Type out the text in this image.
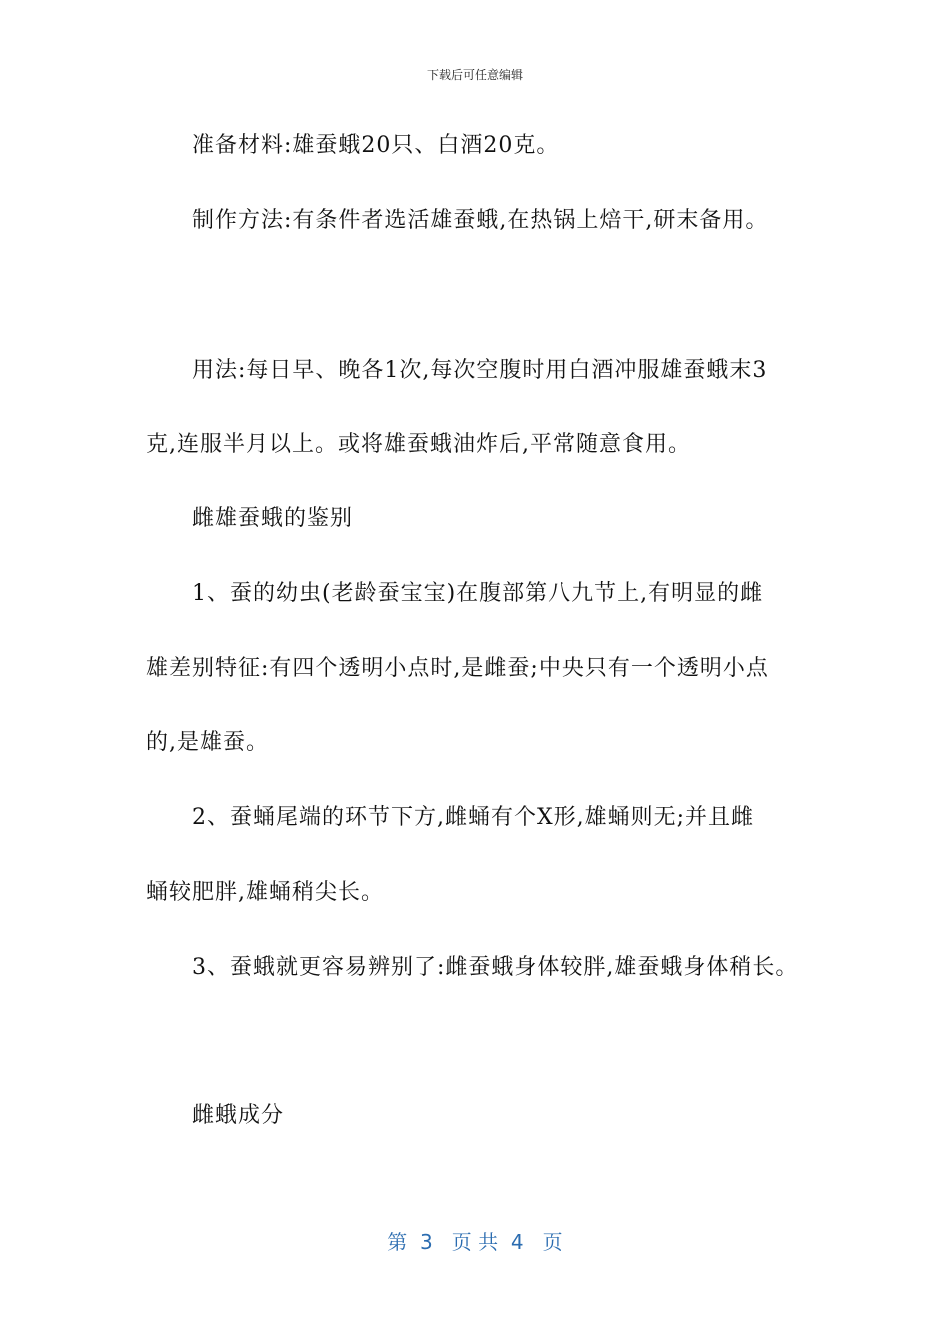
下载后可任意编辑
准备材料:雄蚕蛾20只、白酒20克。
制作方法:有条件者选活雄蚕蛾,在热锅上焙干,研末备用。
用法:每日早、晚各1次,每次空腹时用白酒冲服雄蚕蛾末3
克,连服半月以上。或将雄蚕蛾油炸后,平常随意食用。
雌雄蚕蛾的鉴别
1、蚕的幼虫(老龄蚕宝宝)在腹部第八九节上,有明显的雌
雄差别特征:有四个透明小点时,是雌蚕;中央只有一个透明小点
的,是雄蚕。
2、蚕蛹尾端的环节下方,雌蛹有个X形,雄蛹则无;并且雌
蛹较肥胖,雄蛹稍尖长。
3、蚕蛾就更容易辨别了:雌蚕蛾身体较胖,雄蚕蛾身体稍长。
雌蛾成分
第  3   页 共  4   页
